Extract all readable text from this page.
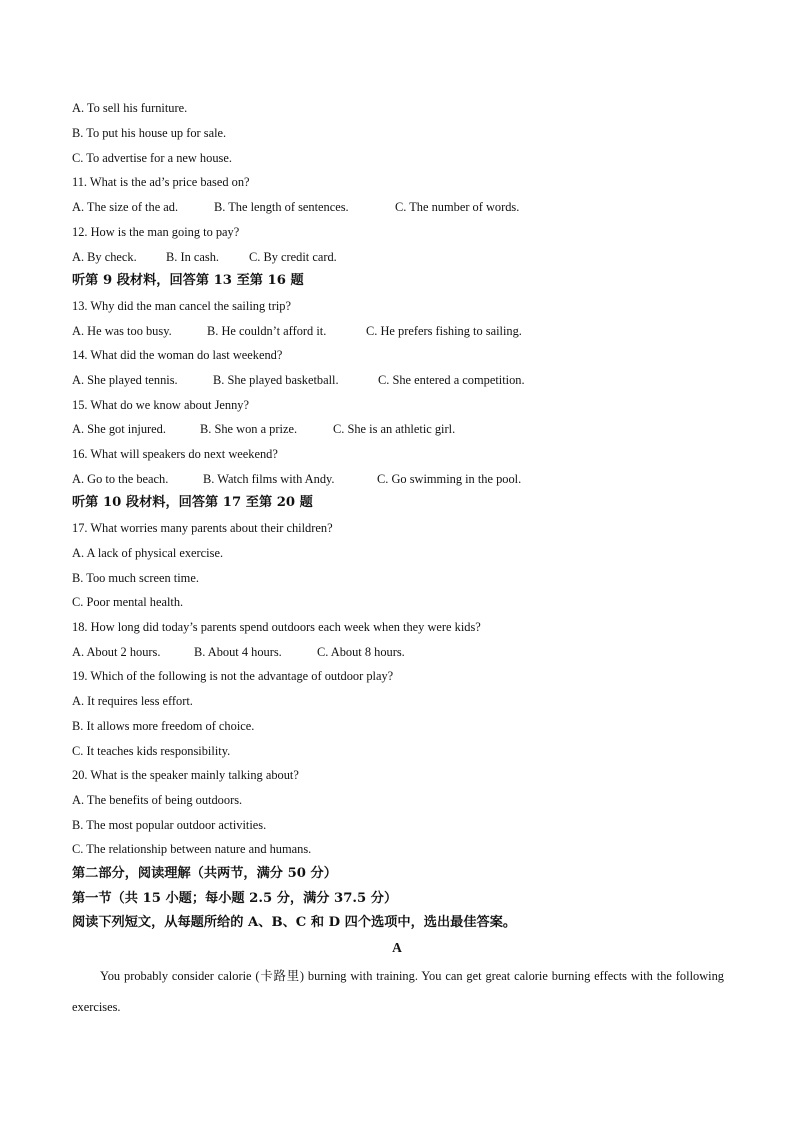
A. To sell his furniture.
B. To put his house up for sale.
C. To advertise for a new house.
11. What is the ad’s price based on?
A. The size of the ad.	B. The length of sentences.	C. The number of words.
12. How is the man going to pay?
A. By check. B. In cash. C. By credit card.
听第 9 段材料，回答第 13 至第 16 题
13. Why did the man cancel the sailing trip?
A. He was too busy.	B. He couldn’t afford it.	C. He prefers fishing to sailing.
14. What did the woman do last weekend?
A. She played tennis.	B. She played basketball.	C. She entered a competition.
15. What do we know about Jenny?
A. She got injured.	B. She won a prize.	C. She is an athletic girl.
16. What will speakers do next weekend?
A. Go to the beach.	B. Watch films with Andy.	C. Go swimming in the pool.
听第 10 段材料，回答第 17 至第 20 题
17. What worries many parents about their children?
A. A lack of physical exercise.
B. Too much screen time.
C. Poor mental health.
18. How long did today’s parents spend outdoors each week when they were kids?
A. About 2 hours.	B. About 4 hours.	C. About 8 hours.
19. Which of the following is not the advantage of outdoor play?
A. It requires less effort.
B. It allows more freedom of choice.
C. It teaches kids responsibility.
20. What is the speaker mainly talking about?
A. The benefits of being outdoors.
B. The most popular outdoor activities.
C. The relationship between nature and humans.
第二部分，阅读理解（共两节，满分 50 分）
第一节（共 15 小题；每小题 2.5 分，满分 37.5 分）
阅读下列短文，从每题所给的 A、B、C 和 D 四个选项中，选出最佳答案。
A
You probably consider calorie (卡路里) burning with training. You can get great calorie burning effects with the following exercises.
